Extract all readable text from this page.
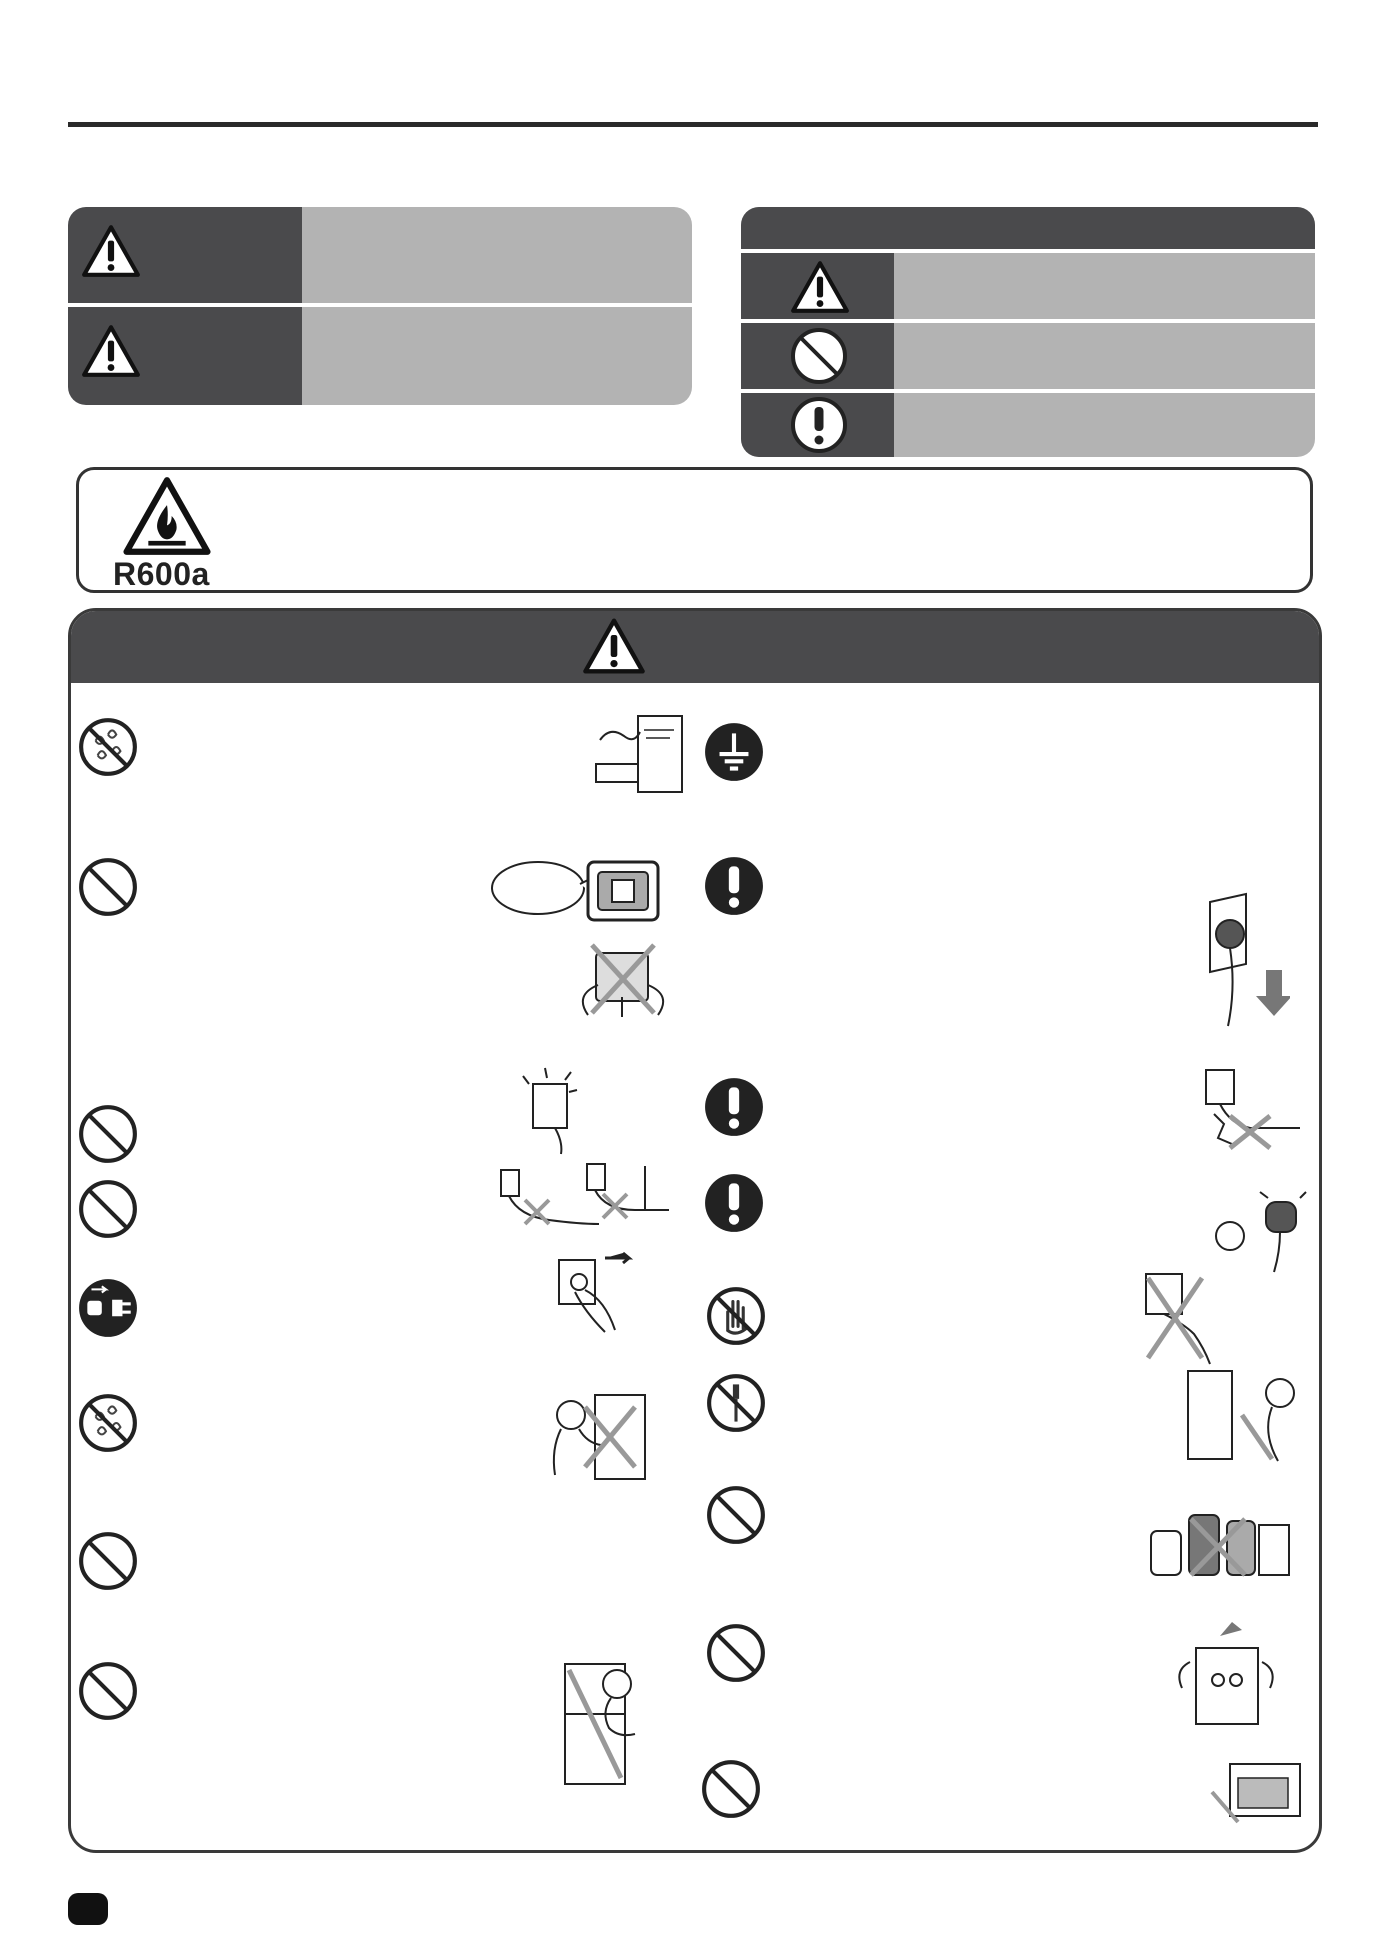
R600a
